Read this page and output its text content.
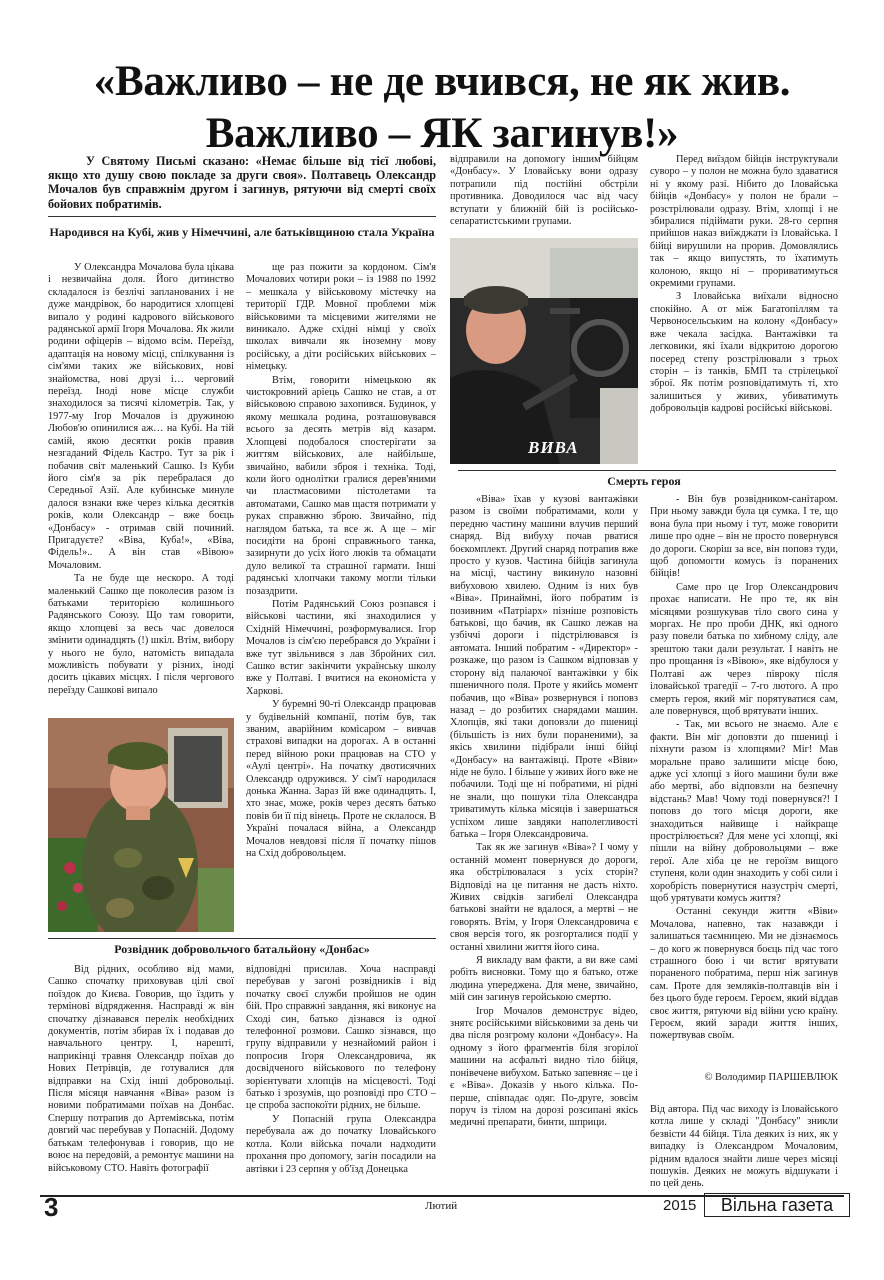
«Важливо – не де вчився, не як жив.
Важливо – ЯК загинув!»

У Святому Письмі сказано: «Немає більше від тієї любові, якщо хто душу свою покладе за други своя». Полтавець Олександр Мочалов був справжнім другом і загинув, рятуючи від смерті своїх бойових побратимів.

Народився на Кубі, жив у Німеччині, але батьківщиною стала Україна

У Олександра Мочалова була цікава і незвичайна доля. Його дитинство складалося із безлічі запланованих і не дуже мандрівок, бо народитися хлопцеві випало у родині кадрового військового радянської армії Ігоря Мочалова. Як жили родини офіцерів – відомо всім. Переїзд, адаптація на новому місці, спілкування із сім'ями таких же військових, нові знайомства, нові друзі і… черговий переїзд. Іноді нове місце служби знаходилося за тисячі кілометрів. Так, у 1977-му Ігор Мочалов із дружиною Любов'ю опинилися аж… на Кубі. На тій самій, якою десятки років правив незгаданий Фідель Кастро. Тут за рік і побачив світ маленький Сашко. Із Куби його сім'я за рік перебралася до Середньої Азії. Але кубинське минуле далося взнаки вже через кілька десятків років, коли Олександр – вже боєць «Донбасу» - отримав свій починий. Пригадуєте? «Віва, Куба!», «Віва, Фідель!».. А він став «Вівою» Мочаловим.

Та не буде ще нескоро. А тоді маленький Сашко ще поколесив разом із батьками територією колишнього Радянського Союзу. Що там говорити, якщо хлопцеві за весь час довелося змінити одинадцять (!) шкіл. Втім, вибору у нього не було, натомість випадала можливість побувати у різних, іноді досить цікавих місцях. І після чергового переїзду Сашкові випало

ще раз пожити за кордоном. Сім'я Мочалових чотири роки – із 1988 по 1992 – мешкала у військовому містечку на території ГДР. Мовної проблеми між військовими та місцевими жителями не виникало. Адже східні німці у своїх школах вивчали як іноземну мову російську, а діти російських військових – німецьку.

Втім, говорити німецькою як чистокровний аріець Сашко не став, а от військовою справою захопився. Будинок, у якому мешкала родина, розташовувався всього за десять метрів від казарм. Хлопцеві подобалося спостерігати за життям військових, але найбільше, звичайно, вабили зброя і техніка. Тоді, коли його однолітки гралися дерев'яними чи пластмасовими пістолетами та автоматами, Сашко мав щастя потримати у руках справжню зброю. Звичайно, під наглядом батька, та все ж. А ще – міг посидіти на броні справжнього танка, зазирнути до усіх його люків та обмацати дуло великої та страшної гармати. Інші радянські хлопчаки такому могли тільки позаздрити.

Потім Радянський Союз розпався і військові частини, які знаходилися у Східній Німеччині, розформувалися. Ігор Мочалов із сім'єю перебрався до України і вже тут звільнився з лав Збройних сил. Сашко встиг закінчити українську школу вже у Полтаві. І вчитися на економіста у Харкові.

У буремні 90-ті Олександр працював у будівельній компанії, потім був, так званим, аварійним комісаром – вивчав страхові випадки на дорогах. А в останні перед війною роки працював на СТО у «Аулі центрі». На початку двотисячних Олександр одружився. У сім'ї народилася донька Жанна. Зараз їй вже одинадцять. І, хто знає, може, років через десять батько повів би її під вінець. Проте не склалося. В Україні почалася війна, а Олександр Мочалов невдовзі після її початку пішов на Схід добровольцем.

Розвідник добровольчого батальйону «Донбас»

Від рідних, особливо від мами, Сашко спочатку приховував цілі свої поїздок до Києва. Говорив, що їздить у термінові відрядження. Насправді ж він спочатку дізнавався перелік необхідних документів, потім збирав їх і подавав до навчального центру. І, нарешті, наприкінці травня Олександр поїхав до Нових Петрівців, де готувалися для відправки на Схід інші добровольці. Після місяця навчання «Віва» разом із новими побратимами поїхав на Донбас. Спершу потрапив до Артемівська, потім довгий час перебував у Попасній. Додому батькам телефонував і говорив, що не воює на передовій, а ремонтує машини на військовому СТО. Навіть фотографії

відповідні присилав. Хоча насправді перебував у загоні розвідників і від початку своєї служби пройшов не один бій. Про справжні завдання, які виконує на Сході син, батько дізнався із одної телефонної розмови. Сашко зізнався, що групу відправили у незнайомий район і попросив Ігоря Олександровича, як досвідченого військового по телефону зорієнтувати хлопців на місцевості. Тоді батько і зрозумів, що розповіді про СТО – це спроба заспокоїти рідних, не більше.

У Попасній група Олександра перебувала аж до початку Іловайського котла. Коли війська почали надходити прохання про допомогу, загін посадили на автівки і 23 серпня у об'їзд Донецька

відправили на допомогу іншим бійцям «Донбасу». У Іловайську вони одразу потрапили під постійні обстріли противника. Доводилося час від часу вступати у ближній бій із російсько-сепаратистськими групами.

ВИВА

Перед виїздом бійців інструктували суворо – у полон не можна було здаватися ні у якому разі. Нібито до Іловайська бійців «Донбасу» у полон не брали – розстрілювали одразу. Втім, хлопці і не збиралися підіймати руки. 28-го серпня прийшов наказ виїжджати із Іловайська. І бійці вирушили на прорив. Домовлялись так – якщо випустять, то їхатимуть колоною, якщо ні – прориватимуться окремими групами.

З Іловайська виїхали відносно спокійно. А от між Багатопіллям та Червоносельським на колону «Донбасу» вже чекала засідка. Вантажівки та легковики, які їхали відкритою дорогою посеред степу розстрілювали з трьох сторін – із танків, БМП та стрілецької зброї. Як потім розповідатимуть ті, хто залишиться у живих, убиватимуть добровольців кадрові російські військові.

Смерть героя

«Віва» їхав у кузові вантажівки разом із своїми побратимами, коли у передню частину машини влучив перший снаряд. Від вибуху почав рватися боєкомплект. Другий снаряд потрапив вже просто у кузов. Частина бійців загинула на місці, частину викинуло назовні вибуховою хвилею. Одним із них був «Віва». Принаймні, його побратим із позивним «Патріарх» пізніше розповість батькові, що бачив, як Сашко лежав на узбіччі дороги і підстрілювався із автомата. Інший побратим - «Директор» - розкаже, що разом із Сашком відповзав у сторону від палаючої вантажівки у бік пшеничного поля. Проте у якийсь момент побачив, що «Віва» розвернувся і поповз назад – до розбитих снарядами машин. Хлопців, які таки доповзли до пшениці (більшість із них були пораненими), за якісь хвилини підібрали інші бійці «Донбасу» на вантажівці. Проте «Віви» ніде не було. І більше у живих його вже не побачили. Тоді ще ні побратими, ні рідні не знали, що пошуки тіла Олександра триватимуть кілька місяців і завершаться успіхом лише завдяки наполегливості батька – Ігоря Олександровича.

Так як же загинув «Віва»? І чому у останній момент повернувся до дороги, яка обстрілювалася з усіх сторін? Відповіді на це питання не дасть ніхто. Живих свідків загибелі Олександра батькові знайти не вдалося, а мертві – не говорять. Втім, у Ігоря Олександровича є своя версія того, як розгорталися події у останні хвилини життя його сина.

Я викладу вам факти, а ви вже самі робіть висновки. Тому що я батько, отже людина упереджена. Для мене, звичайно, мій син загинув геройською смертю.

Ігор Мочалов демонструє відео, знятє російськими військовими за день чи два після розгрому колони «Донбасу». На одному з його фрагментів біля згорілої машини на асфальті видно тіло бійця, понівечене вибухом. Батько запевняє – це і є «Віва». Доказів у нього кілька. По-перше, співпадає одяг. По-друге, зовсім поруч із тілом на дорозі розсипані якісь медичні препарати, бинти, шприци.

- Він був розвідником-санітаром. При ньому завжди була ця сумка. І те, що вона була при ньому і тут, може говорити лише про одне – він не просто повернувся до дороги. Скоріш за все, він поповз туди, щоб допомогти комусь із поранених бійців!

Саме про це Ігор Олександрович прохає написати. Не про те, як він місяцями розшукував тіло свого сина у моргах. Не про проби ДНК, які одного разу повели батька по хибному сліду, але зрештою таки дали результат. І навіть не про прощання із «Вівою», яке відбулося у Полтаві аж через півроку після іловайської трагедії – 7-го лютого. А про смерть героя, який міг порятуватися сам, але повернувся, щоб врятувати інших.

- Так, ми всього не знаємо. Але є факти. Він міг доповзти до пшениці і піхнути разом із хлопцями? Міг! Мав моральне право залишити місце бою, адже усі хлопці з його машини були вже або мертві, або відповзли на безпечну відстань? Мав! Чому тоді повернувся?! І поповз до того місця дороги, яке знаходиться найвище і найкраще прострілюється? Для мене усі хлопці, які пішли на війну добровольцями – вже герої. Але хіба це не героїзм вищого ступеня, коли один знаходить у собі сили і хоробрість повернутися назустріч смерті, щоб урятувати комусь життя?

Останні секунди життя «Віви» Мочалова, напевно, так назавжди і залишаться таємницею. Ми не дізнаємось – до кого ж повернувся боєць під час того страшного бою і чи встиг врятувати пораненого побратима, перш ніж загинув сам. Проте для земляків-полтавців він і без цього буде героєм. Героєм, який віддав своє життя, рятуючи від війни усю країну. Героєм, який заради життя інших, пожертвував своїм.

© Володимир ПАРШЕВЛЮК
Від автора. Під час виходу із Іловайського котла лише у складі "Донбасу" зникли безвісти 44 бійця. Тіла деяких із них, як у випадку із Олександром Мочаловим, рідним вдалося знайти лише через місяці пошуків. Деяких не можуть відшукати і по цей день.
3	Лютий	2015	Вільна газета
